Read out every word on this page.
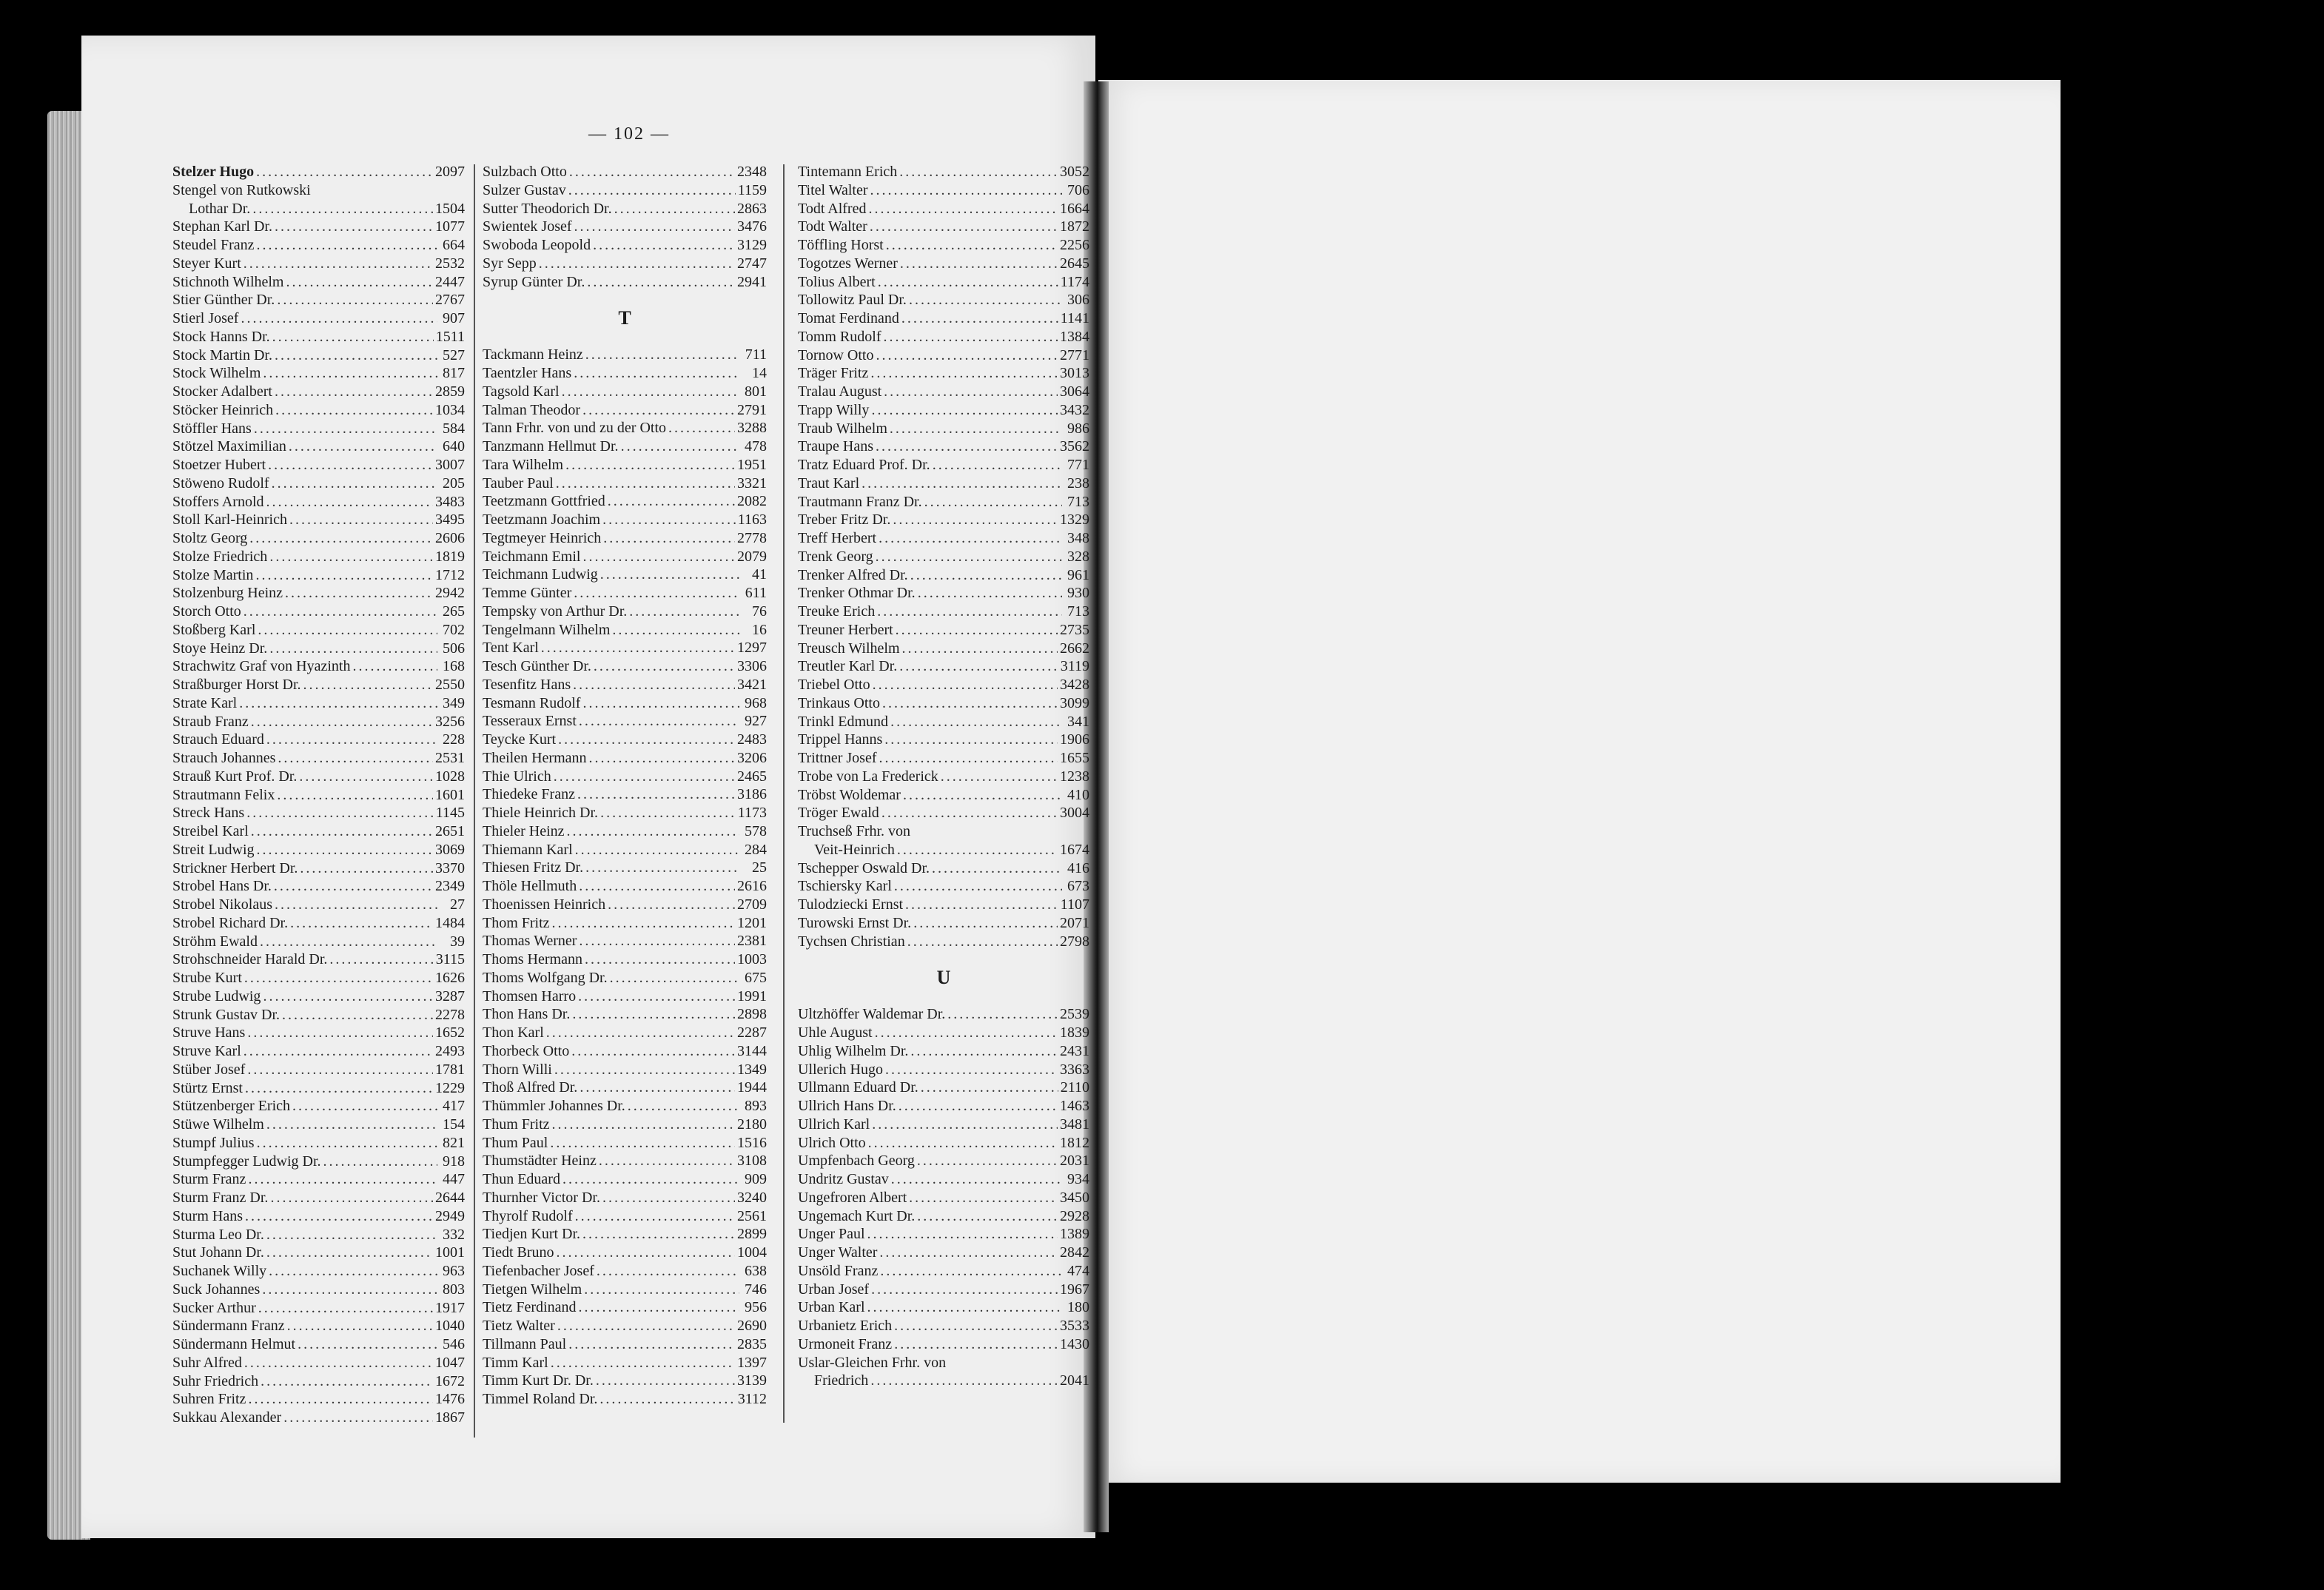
— 102 —
Stelzer Hugo . . .	2097
Stengel von Rutkowski
Lothar Dr. . . .	1504
Stephan Karl Dr. . . .	1077
Steudel Franz . . .	664
Steyer Kurt . . .	2532
Stichnoth Wilhelm . . .	2447
Stier Günther Dr. . . .	2767
Stierl Josef . . .	907
Stock Hanns Dr. . . .	1511
Stock Martin Dr. . . .	527
Stock Wilhelm . . .	817
Stocker Adalbert . . .	2859
Stöcker Heinrich . . .	1034
Stöffler Hans . . .	584
Stötzel Maximilian . . .	640
Stoetzer Hubert . . .	3007
Stöweno Rudolf . . .	205
Stoffers Arnold . . .	3483
Stoll Karl-Heinrich . . .	3495
Stoltz Georg . . .	2606
Stolze Friedrich . . .	1819
Stolze Martin . . .	1712
Stolzenburg Heinz . . .	2942
Storch Otto . . .	265
Stoßberg Karl . . .	702
Stoye Heinz Dr. . . .	506
Strachwitz Graf von Hyazinth . . .	168
Straßburger Horst Dr. . . .	2550
Strate Karl . . .	349
Straub Franz . . .	3256
Strauch Eduard . . .	228
Strauch Johannes . . .	2531
Strauß Kurt Prof. Dr. . . .	1028
Strautmann Felix . . .	1601
Streck Hans . . .	1145
Streibel Karl . . .	2651
Streit Ludwig . . .	3069
Strickner Herbert Dr. . . .	3370
Strobel Hans Dr. . . .	2349
Strobel Nikolaus . . .	27
Strobel Richard Dr. . . .	1484
Ströhm Ewald . . .	39
Strohschneider Harald Dr. . . .	3115
Strube Kurt . . .	1626
Strube Ludwig . . .	3287
Strunk Gustav Dr. . . .	2278
Struve Hans . . .	1652
Struve Karl . . .	2493
Stüber Josef . . .	1781
Stürtz Ernst . . .	1229
Stützenberger Erich . . .	417
Stüwe Wilhelm . . .	154
Stumpf Julius . . .	821
Stumpfegger Ludwig Dr. . . .	918
Sturm Franz . . .	447
Sturm Franz Dr. . . .	2644
Sturm Hans . . .	2949
Sturma Leo Dr. . . .	332
Stut Johann Dr. . . .	1001
Suchanek Willy . . .	963
Suck Johannes . . .	803
Sucker Arthur . . .	1917
Sündermann Franz . . .	1040
Sündermann Helmut . . .	546
Suhr Alfred . . .	1047
Suhr Friedrich . . .	1672
Suhren Fritz . . .	1476
Sukkau Alexander . . .	1867
Sulzbach Otto . . .	2348
Sulzer Gustav . . .	1159
Sutter Theodorich Dr. . . .	2863
Swientek Josef . . .	3476
Swoboda Leopold . . .	3129
Syr Sepp . . .	2747
Syrup Günter Dr. . . .	2941
T
Tackmann Heinz . . .	711
Taentzler Hans . . .	14
Tagsold Karl . . .	801
Talman Theodor . . .	2791
Tann Frhr. von und zu der Otto . . .	3288
Tanzmann Hellmut Dr. . . .	478
Tara Wilhelm . . .	1951
Tauber Paul . . .	3321
Teetzmann Gottfried . . .	2082
Teetzmann Joachim . . .	1163
Tegtmeyer Heinrich . . .	2778
Teichmann Emil . . .	2079
Teichmann Ludwig . . .	41
Temme Günter . . .	611
Tempsky von Arthur Dr. . . .	76
Tengelmann Wilhelm . . .	16
Tent Karl . . .	1297
Tesch Günther Dr. . . .	3306
Tesenfitz Hans . . .	3421
Tesmann Rudolf . . .	968
Tesseraux Ernst . . .	927
Teycke Kurt . . .	2483
Theilen Hermann . . .	3206
Thie Ulrich . . .	2465
Thiedeke Franz . . .	3186
Thiele Heinrich Dr. . . .	1173
Thieler Heinz . . .	578
Thiemann Karl . . .	284
Thiesen Fritz Dr. . . .	25
Thöle Hellmuth . . .	2616
Thoenissen Heinrich . . .	2709
Thom Fritz . . .	1201
Thomas Werner . . .	2381
Thoms Hermann . . .	1003
Thoms Wolfgang Dr. . . .	675
Thomsen Harro . . .	1991
Thon Hans Dr. . . .	2898
Thon Karl . . .	2287
Thorbeck Otto . . .	3144
Thorn Willi . . .	1349
Thoß Alfred Dr. . . .	1944
Thümmler Johannes Dr. . . .	893
Thum Fritz . . .	2180
Thum Paul . . .	1516
Thumstädter Heinz . . .	3108
Thun Eduard . . .	909
Thurnher Victor Dr. . . .	3240
Thyrolf Rudolf . . .	2561
Tiedjen Kurt Dr. . . .	2899
Tiedt Bruno . . .	1004
Tiefenbacher Josef . . .	638
Tietgen Wilhelm . . .	746
Tietz Ferdinand . . .	956
Tietz Walter . . .	2690
Tillmann Paul . . .	2835
Timm Karl . . .	1397
Timm Kurt Dr. Dr. . . .	3139
Timmel Roland Dr. . . .	3112
Tintemann Erich . . .	3052
Titel Walter . . .	706
Todt Alfred . . .	1664
Todt Walter . . .	1872
Töffling Horst . . .	2256
Togotzes Werner . . .	2645
Tolius Albert . . .	1174
Tollowitz Paul Dr. . . .	306
Tomat Ferdinand . . .	1141
Tomm Rudolf . . .	1384
Tornow Otto . . .	2771
Träger Fritz . . .	3013
Tralau August . . .	3064
Trapp Willy . . .	3432
Traub Wilhelm . . .	986
Traupe Hans . . .	3562
Tratz Eduard Prof. Dr. . . .	771
Traut Karl . . .	238
Trautmann Franz Dr. . . .	713
Treber Fritz Dr. . . .	1329
Treff Herbert . . .	348
Trenk Georg . . .	328
Trenker Alfred Dr. . . .	961
Trenker Othmar Dr. . . .	930
Treuke Erich . . .	713
Treuner Herbert . . .	2735
Treusch Wilhelm . . .	2662
Treutler Karl Dr. . . .	3119
Triebel Otto . . .	3428
Trinkaus Otto . . .	3099
Trinkl Edmund . . .	341
Trippel Hanns . . .	1906
Trittner Josef . . .	1655
Trobe von La Frederick . . .	1238
Tröbst Woldemar . . .	410
Tröger Ewald . . .	3004
Truchseß Frhr. von
Veit-Heinrich . . .	1674
Tschepper Oswald Dr. . . .	416
Tschiersky Karl . . .	673
Tulodziecki Ernst . . .	1107
Turowski Ernst Dr. . . .	2071
Tychsen Christian . . .	2798
U
Ultzhöffer Waldemar Dr. . . .	2539
Uhle August . . .	1839
Uhlig Wilhelm Dr. . . .	2431
Ullerich Hugo . . .	3363
Ullmann Eduard Dr. . . .	2110
Ullrich Hans Dr. . . .	1463
Ullrich Karl . . .	3481
Ulrich Otto . . .	1812
Umpfenbach Georg . . .	2031
Undritz Gustav . . .	934
Ungefroren Albert . . .	3450
Ungemach Kurt Dr. . . .	2928
Unger Paul . . .	1389
Unger Walter . . .	2842
Unsöld Franz . . .	474
Urban Josef . . .	1967
Urban Karl . . .	180
Urbanietz Erich . . .	3533
Urmoneit Franz . . .	1430
Uslar-Gleichen Frhr. von
Friedrich . . .	2041
